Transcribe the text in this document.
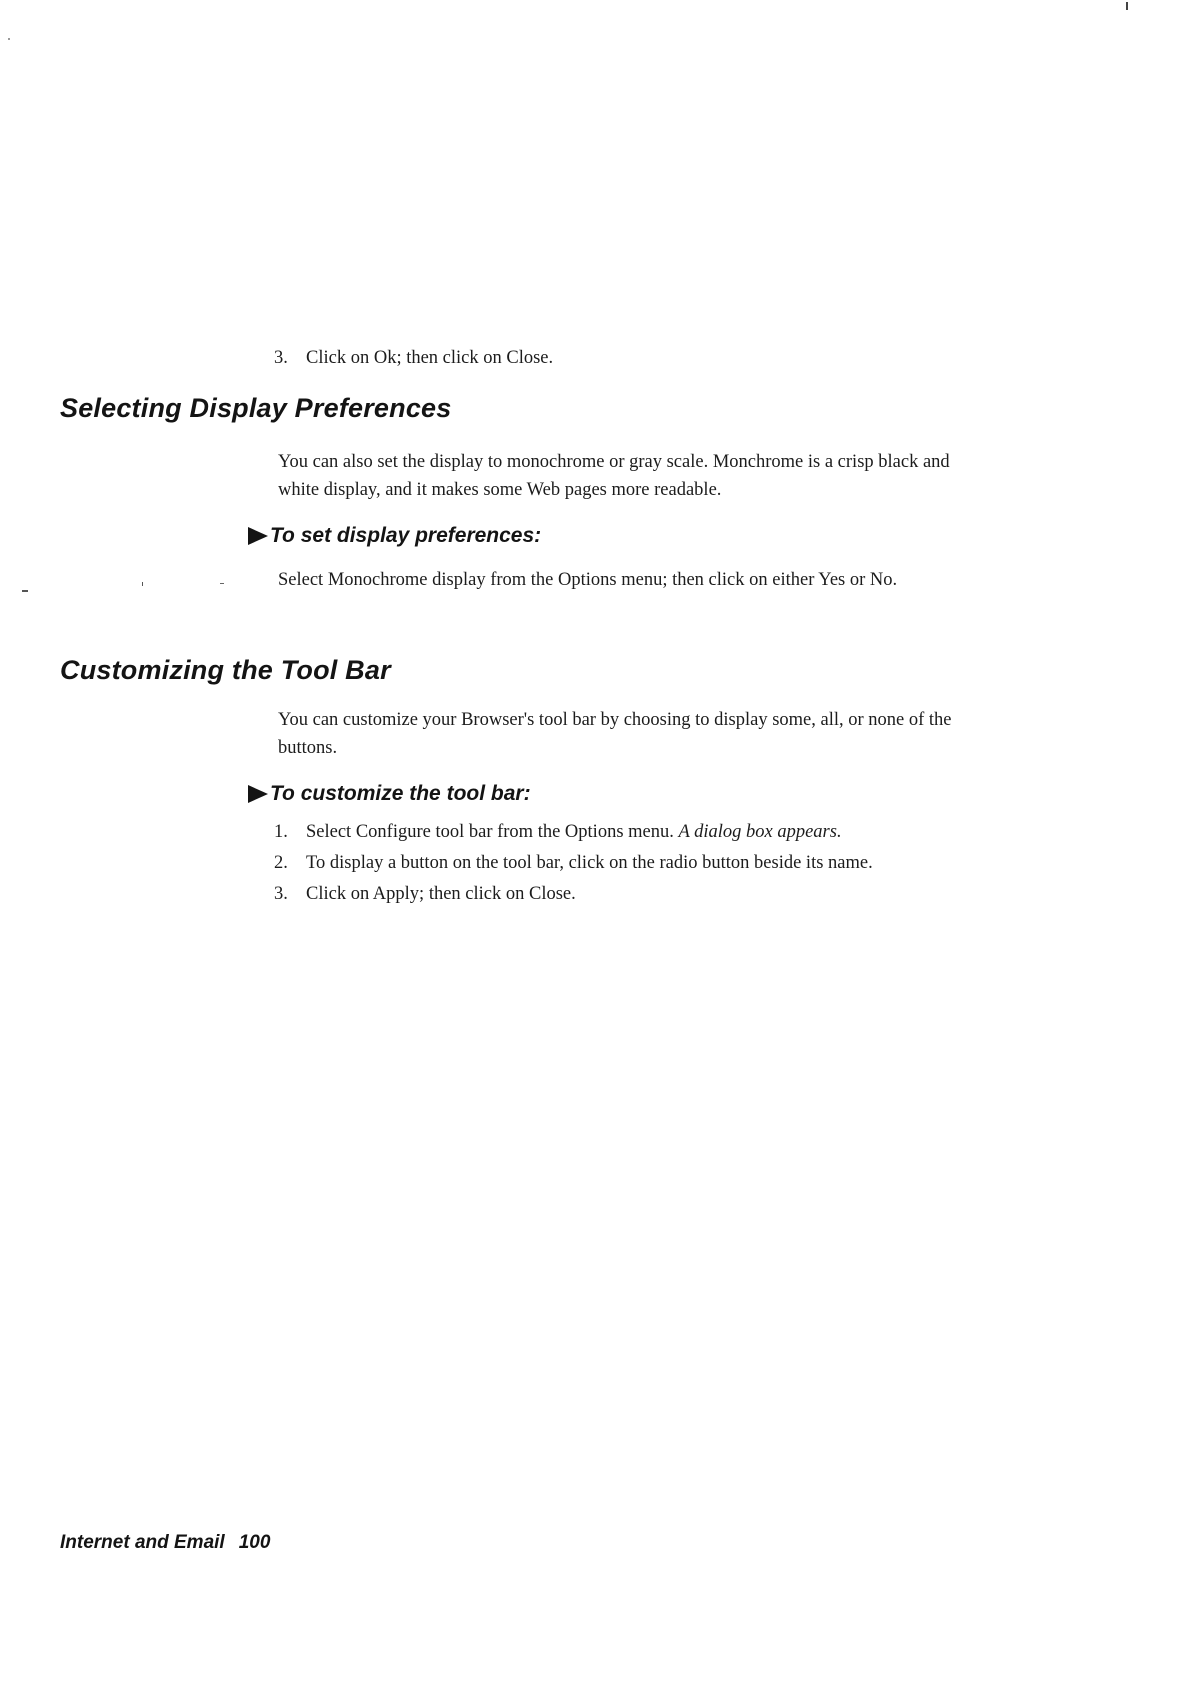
3. Click on Ok; then click on Close.
Selecting Display Preferences

You can also set the display to monochrome or gray scale. Monchrome is a crisp black and white display, and it makes some Web pages more readable.

To set display preferences:

Select Monochrome display from the Options menu; then click on either Yes or No.

Customizing the Tool Bar

You can customize your Browser's tool bar by choosing to display some, all, or none of the buttons.

To customize the tool bar:
1. Select Configure tool bar from the Options menu. A dialog box appears.
2. To display a button on the tool bar, click on the radio button beside its name.
3. Click on Apply; then click on Close.
Internet and Email 100
